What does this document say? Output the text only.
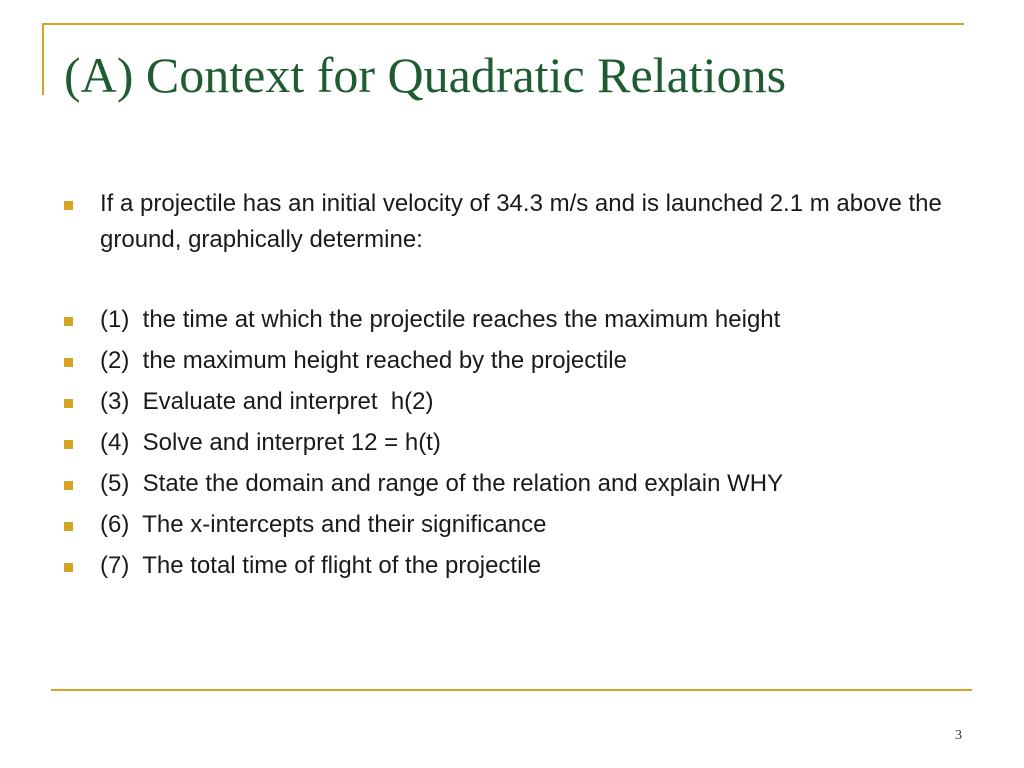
(A) Context for Quadratic Relations
If a projectile has an initial velocity of 34.3 m/s and is launched 2.1 m above the ground, graphically determine:
(1)  the time at which the projectile reaches the maximum height
(2)  the maximum height reached by the projectile
(3)  Evaluate and interpret  h(2)
(4)  Solve and interpret 12 = h(t)
(5)  State the domain and range of the relation and explain WHY
(6)  The x-intercepts and their significance
(7)  The total time of flight of the projectile
3
